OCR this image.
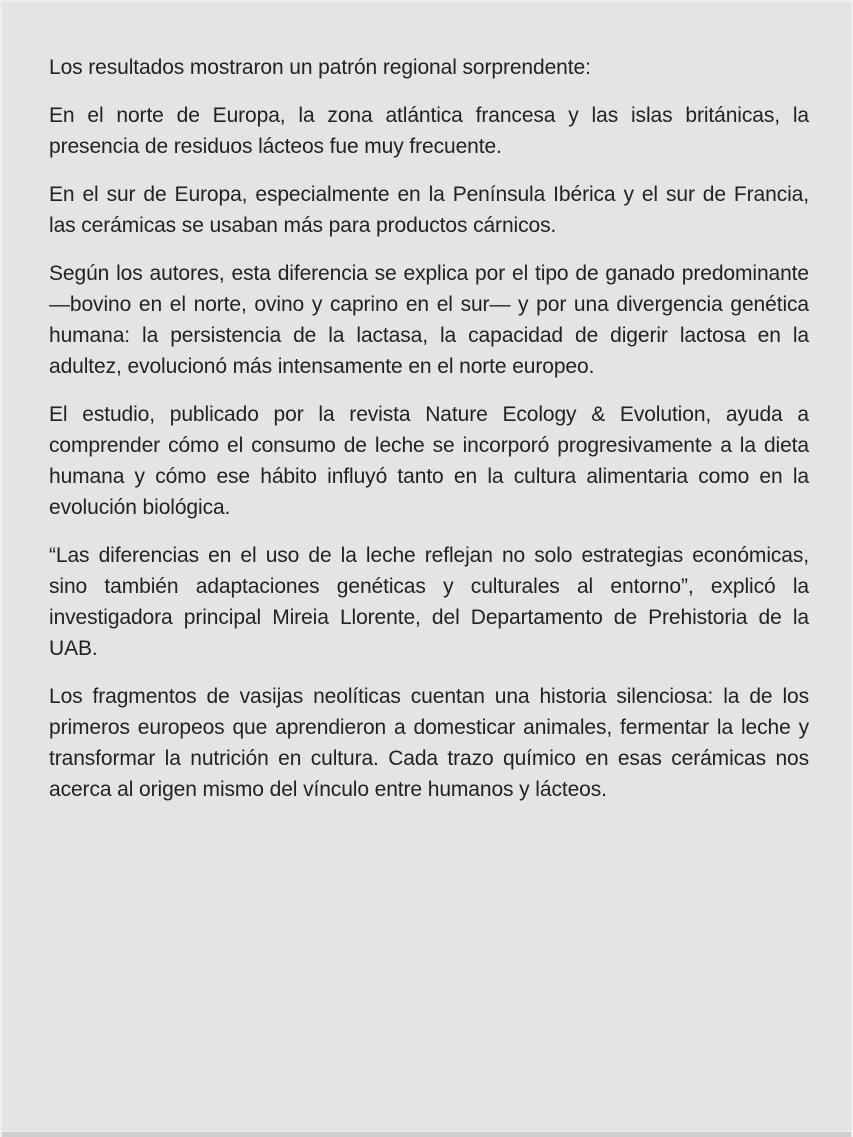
Los resultados mostraron un patrón regional sorprendente:

En el norte de Europa, la zona atlántica francesa y las islas británicas, la presencia de residuos lácteos fue muy frecuente.

En el sur de Europa, especialmente en la Península Ibérica y el sur de Francia, las cerámicas se usaban más para productos cárnicos.

Según los autores, esta diferencia se explica por el tipo de ganado predominante —bovino en el norte, ovino y caprino en el sur— y por una divergencia genética humana: la persistencia de la lactasa, la capacidad de digerir lactosa en la adultez, evolucionó más intensamente en el norte europeo.

El estudio, publicado por la revista Nature Ecology & Evolution, ayuda a comprender cómo el consumo de leche se incorporó progresivamente a la dieta humana y cómo ese hábito influyó tanto en la cultura alimentaria como en la evolución biológica.

“Las diferencias en el uso de la leche reflejan no solo estrategias económicas, sino también adaptaciones genéticas y culturales al entorno”, explicó la investigadora principal Mireia Llorente, del Departamento de Prehistoria de la UAB.

Los fragmentos de vasijas neolíticas cuentan una historia silenciosa: la de los primeros europeos que aprendieron a domesticar animales, fermentar la leche y transformar la nutrición en cultura. Cada trazo químico en esas cerámicas nos acerca al origen mismo del vínculo entre humanos y lácteos.
